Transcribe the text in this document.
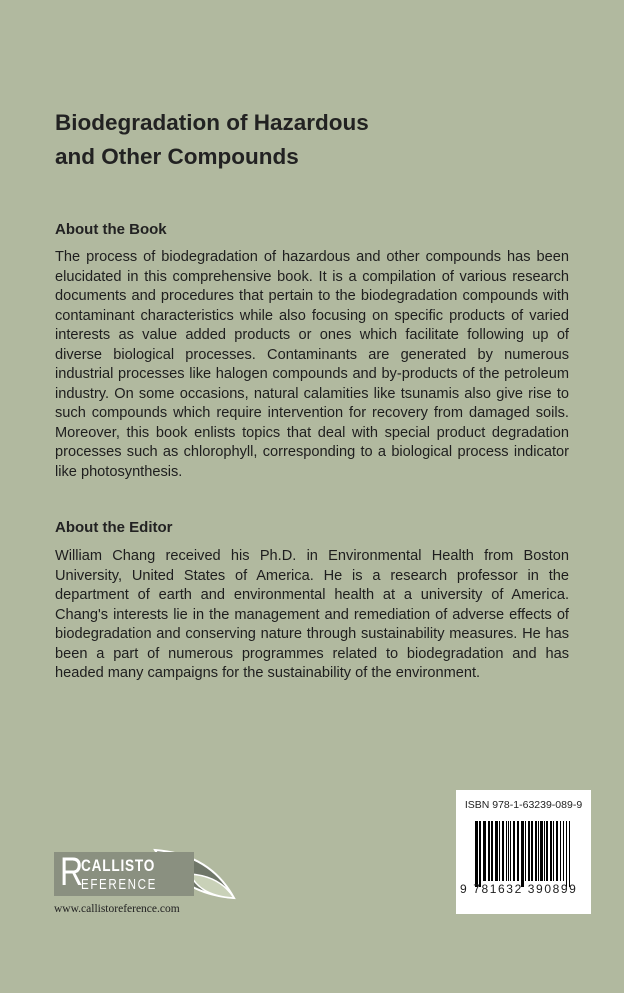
Biodegradation of Hazardous
and Other Compounds
About the Book
The process of biodegradation of hazardous and other compounds has been elucidated in this comprehensive book. It is a compilation of various research documents and procedures that pertain to the biodegradation compounds with contaminant characteristics while also focusing on specific products of varied interests as value added products or ones which facilitate following up of diverse biological processes. Contaminants are generated by numerous industrial processes like halogen compounds and by-products of the petroleum industry. On some occasions, natural calamities like tsunamis also give rise to such compounds which require intervention for recovery from damaged soils. Moreover, this book enlists topics that deal with special product degradation processes such as chlorophyll, corresponding to a biological process indicator like photosynthesis.
About the Editor
William Chang received his Ph.D. in Environmental Health from Boston University, United States of America. He is a research professor in the department of earth and environmental health at a university of America. Chang's interests lie in the management and remediation of adverse effects of biodegradation and conserving nature through sustainability measures. He has been a part of numerous programmes related to biodegradation and has headed many campaigns for the sustainability of the environment.
ISBN 978-1-63239-089-9
9 781632 390899
R
CALLISTO
EFERENCE
www.callistoreference.com
